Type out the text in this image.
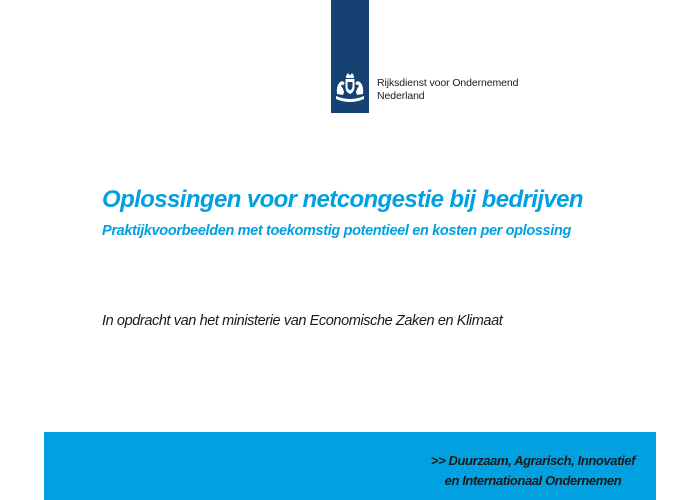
Rijksdienst voor Ondernemend
Nederland
Oplossingen voor netcongestie bij bedrijven
Praktijkvoorbeelden met toekomstig potentieel en kosten per oplossing
In opdracht van het ministerie van Economische Zaken en Klimaat
>> Duurzaam, Agrarisch, Innovatief
en Internationaal Ondernemen
